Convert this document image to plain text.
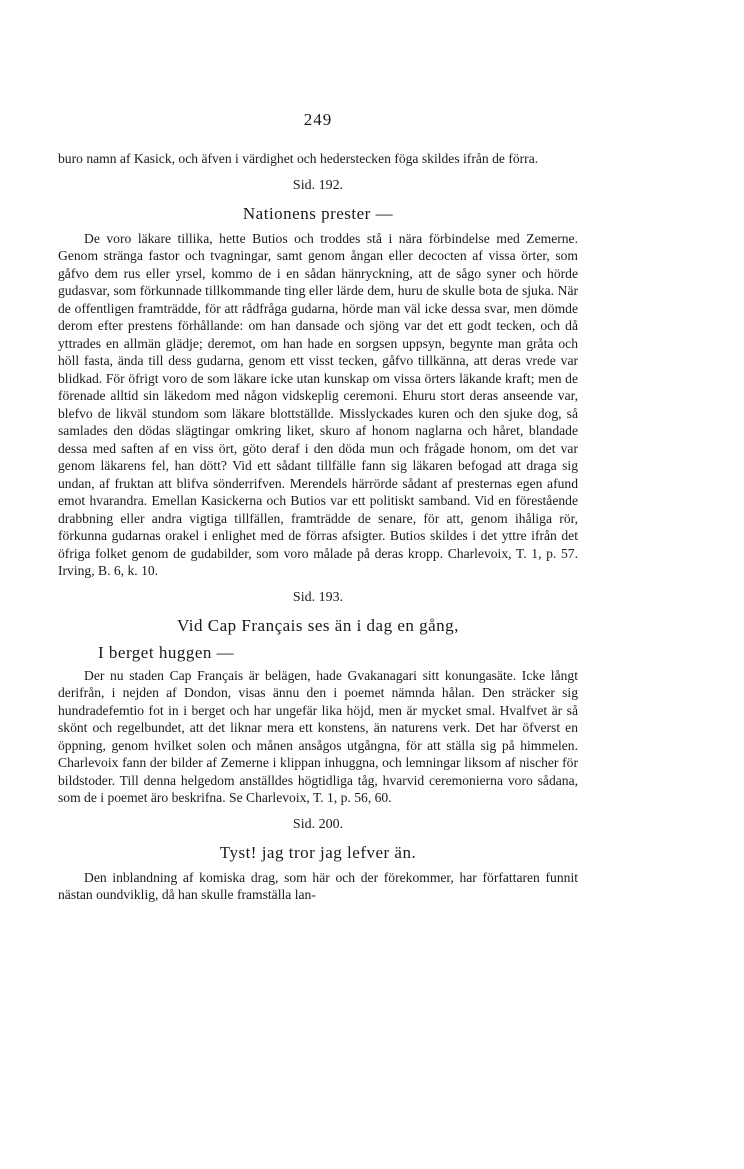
249

buro namn af Kasick, och äfven i värdighet och hederstecken föga skildes ifrån de förra.

Sid. 192.
Nationens prester —

De voro läkare tillika, hette Butios och troddes stå i nära förbindelse med Zemerne. Genom stränga fastor och tvagningar, samt genom ångan eller decocten af vissa örter, som gåfvo dem rus eller yrsel, kommo de i en sådan hänryckning, att de sågo syner och hörde gudasvar, som förkunnade tillkommande ting eller lärde dem, huru de skulle bota de sjuka. När de offentligen framträdde, för att rådfråga gudarna, hörde man väl icke dessa svar, men dömde derom efter prestens förhållande: om han dansade och sjöng var det ett godt tecken, och då yttrades en allmän glädje; deremot, om han hade en sorgsen uppsyn, begynte man gråta och höll fasta, ända till dess gudarna, genom ett visst tecken, gåfvo tillkänna, att deras vrede var blidkad. För öfrigt voro de som läkare icke utan kunskap om vissa örters läkande kraft; men de förenade alltid sin läkedom med någon vidskeplig ceremoni. Ehuru stort deras anseende var, blefvo de likväl stundom som läkare blottställde. Misslyckades kuren och den sjuke dog, så samlades den dödas slägtingar omkring liket, skuro af honom naglarna och håret, blandade dessa med saften af en viss ört, göto deraf i den döda mun och frågade honom, om det var genom läkarens fel, han dött? Vid ett sådant tillfälle fann sig läkaren befogad att draga sig undan, af fruktan att blifva sönderrifven. Merendels härrörde sådant af presternas egen afund emot hvarandra. Emellan Kasickerna och Butios var ett politiskt samband. Vid en förestående drabbning eller andra vigtiga tillfällen, framträdde de senare, för att, genom ihåliga rör, förkunna gudarnas orakel i enlighet med de förras afsigter. Butios skildes i det yttre ifrån det öfriga folket genom de gudabilder, som voro målade på deras kropp. Charlevoix, T. 1, p. 57. Irving, B. 6, k. 10.

Sid. 193.
Vid Cap Français ses än i dag en gång,
I berget huggen —

Der nu staden Cap Français är belägen, hade Gvakanagari sitt konungasäte. Icke långt derifrån, i nejden af Dondon, visas ännu den i poemet nämnda hålan. Den sträcker sig hundradefemtio fot in i berget och har ungefär lika höjd, men är mycket smal. Hvalfvet är så skönt och regelbundet, att det liknar mera ett konstens, än naturens verk. Det har öfverst en öppning, genom hvilket solen och månen ansågos utgångna, för att ställa sig på himmelen. Charlevoix fann der bilder af Zemerne i klippan inhuggna, och lemningar liksom af nischer för bildstoder. Till denna helgedom anställdes högtidliga tåg, hvarvid ceremonierna voro sådana, som de i poemet äro beskrifna. Se Charlevoix, T. 1, p. 56, 60.

Sid. 200.
Tyst! jag tror jag lefver än.

Den inblandning af komiska drag, som här och der förekommer, har författaren funnit nästan oundviklig, då han skulle framställa lan-
